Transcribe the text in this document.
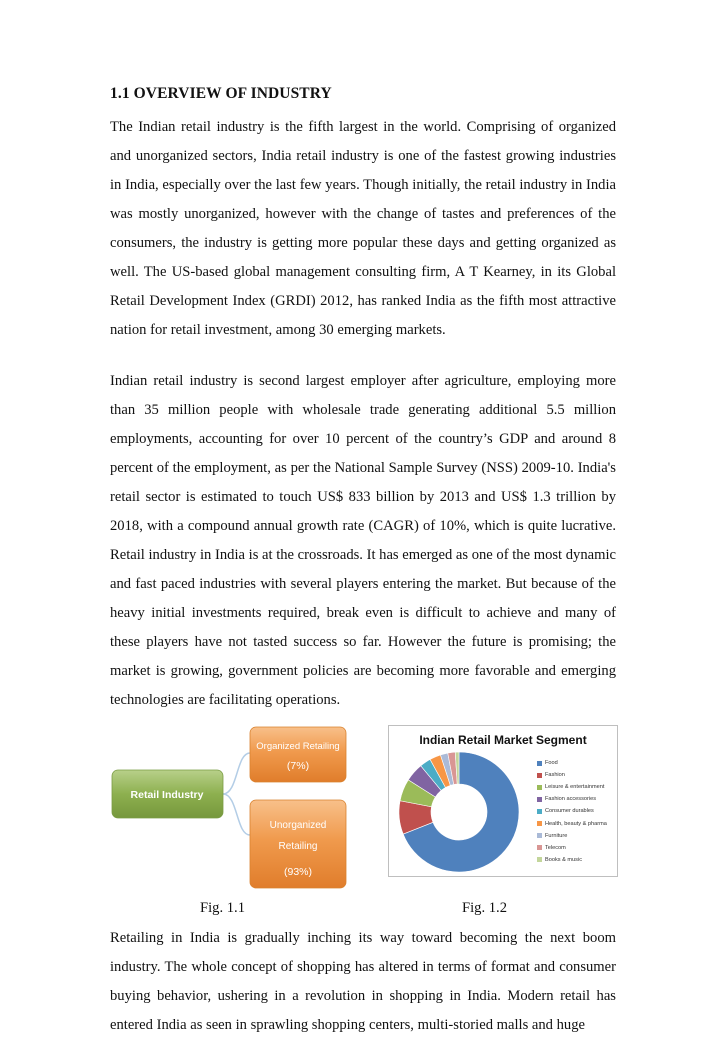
1.1 OVERVIEW OF INDUSTRY

The Indian retail industry is the fifth largest in the world. Comprising of organized and unorganized sectors, India retail industry is one of the fastest growing industries in India, especially over the last few years. Though initially, the retail industry in India was mostly unorganized, however with the change of tastes and preferences of the consumers, the industry is getting more popular these days and getting organized as well. The US-based global management consulting firm, A T Kearney, in its Global Retail Development Index (GRDI) 2012, has ranked India as the fifth most attractive nation for retail investment, among 30 emerging markets.

Indian retail industry is second largest employer after agriculture, employing more than 35 million people with wholesale trade generating additional 5.5 million employments, accounting for over 10 percent of the country’s GDP and around 8 percent of the employment, as per the National Sample Survey (NSS) 2009-10. India's retail sector is estimated to touch US$ 833 billion by 2013 and US$ 1.3 trillion by 2018, with a compound annual growth rate (CAGR) of 10%, which is quite lucrative. Retail industry in India is at the crossroads. It has emerged as one of the most dynamic and fast paced industries with several players entering the market. But because of the heavy initial investments required, break even is difficult to achieve and many of these players have not tasted success so far. However the future is promising; the market is growing, government policies are becoming more favorable and emerging technologies are facilitating operations.

Retail Industry
Organized Retailing
(7%)
Unorganized
Retailing
(93%)
Indian Retail Market Segment
Food
Fashion
Leisure & entertainment
Fashion accessories
Consumer durables
Health, beauty & pharma
Furniture
Telecom
Books & music
Fig. 1.1	Fig. 1.2

Retailing in India is gradually inching its way toward becoming the next boom industry. The whole concept of shopping has altered in terms of format and consumer buying behavior, ushering in a revolution in shopping in India. Modern retail has entered India as seen in sprawling shopping centers, multi-storied malls and huge
